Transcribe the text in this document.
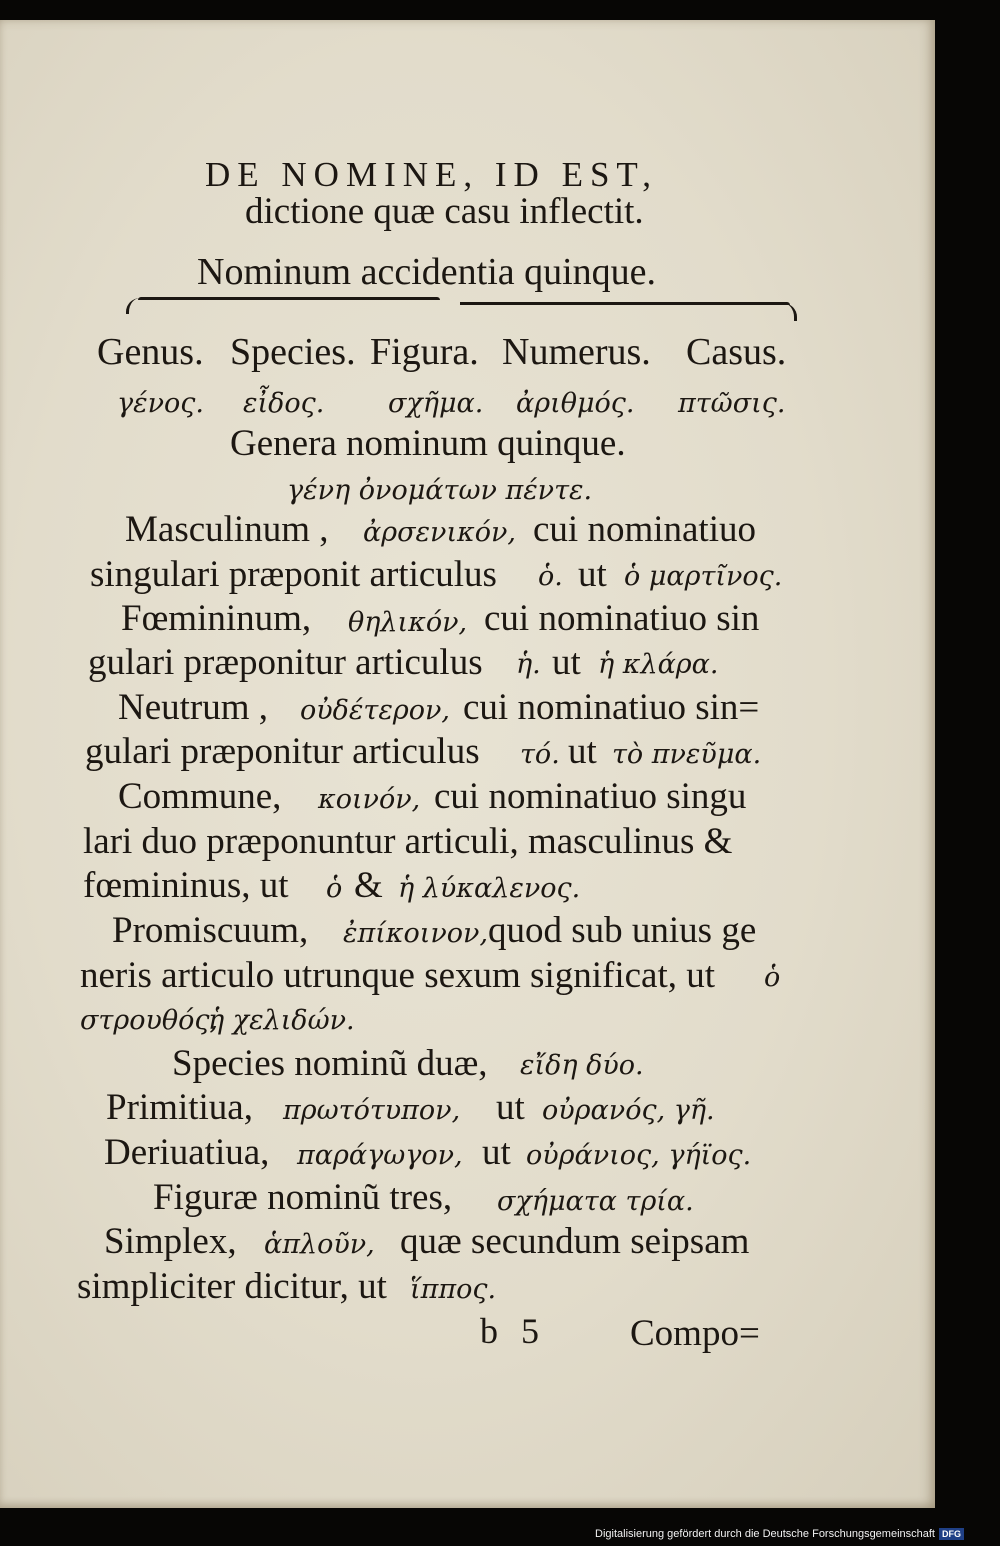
DE NOMINE, ID EST,
dictione quæ casu inflectit.
Nominum accidentia quinque.
Genus. Species. Figura. Numerus. Casus.
γένος. εἶδος. σχῆμα. ἀριθμός. πτῶσις.
Genera nominum quinque.
γένη ὀνομάτων πέντε.
Masculinum , ἀρσενικόν, cui nominatiuo
singulari præponit articulus ὁ. ut ὁ μαρτῖνος.
Fœmininum, θηλικόν, cui nominatiuo sin
gulari præponitur articulus ἡ. ut ἡ κλάρα.
Neutrum , οὐδέτερον, cui nominatiuo sin=
gulari præponitur articulus τό. ut τὸ πνεῦμα.
Commune, κοινόν, cui nominatiuo singu
lari duo præponuntur articuli, masculinus &
fœmininus, ut ὁ & ἡ λύκαλενος.
Promiscuum, ἐπίκοινον, quod sub unius ge
neris articulo utrunque sexum significat, ut ὁ
στρουθός,
ἡ χελιδών.
Species nominũ duæ, εἴδη δύο.
Primitiua, πρωτότυπον, ut οὐρανός, γῆ.
Deriuatiua, παράγωγον, ut οὐράνιος, γήϊος.
Figuræ nominũ tres, σχήματα τρία.
Simplex, ἁπλοῦν, quæ secundum seipsam
simpliciter dicitur, ut ἵππος.
b 5 Compo=
Digitalisierung gefördert durch die Deutsche Forschungsgemeinschaft DFG
